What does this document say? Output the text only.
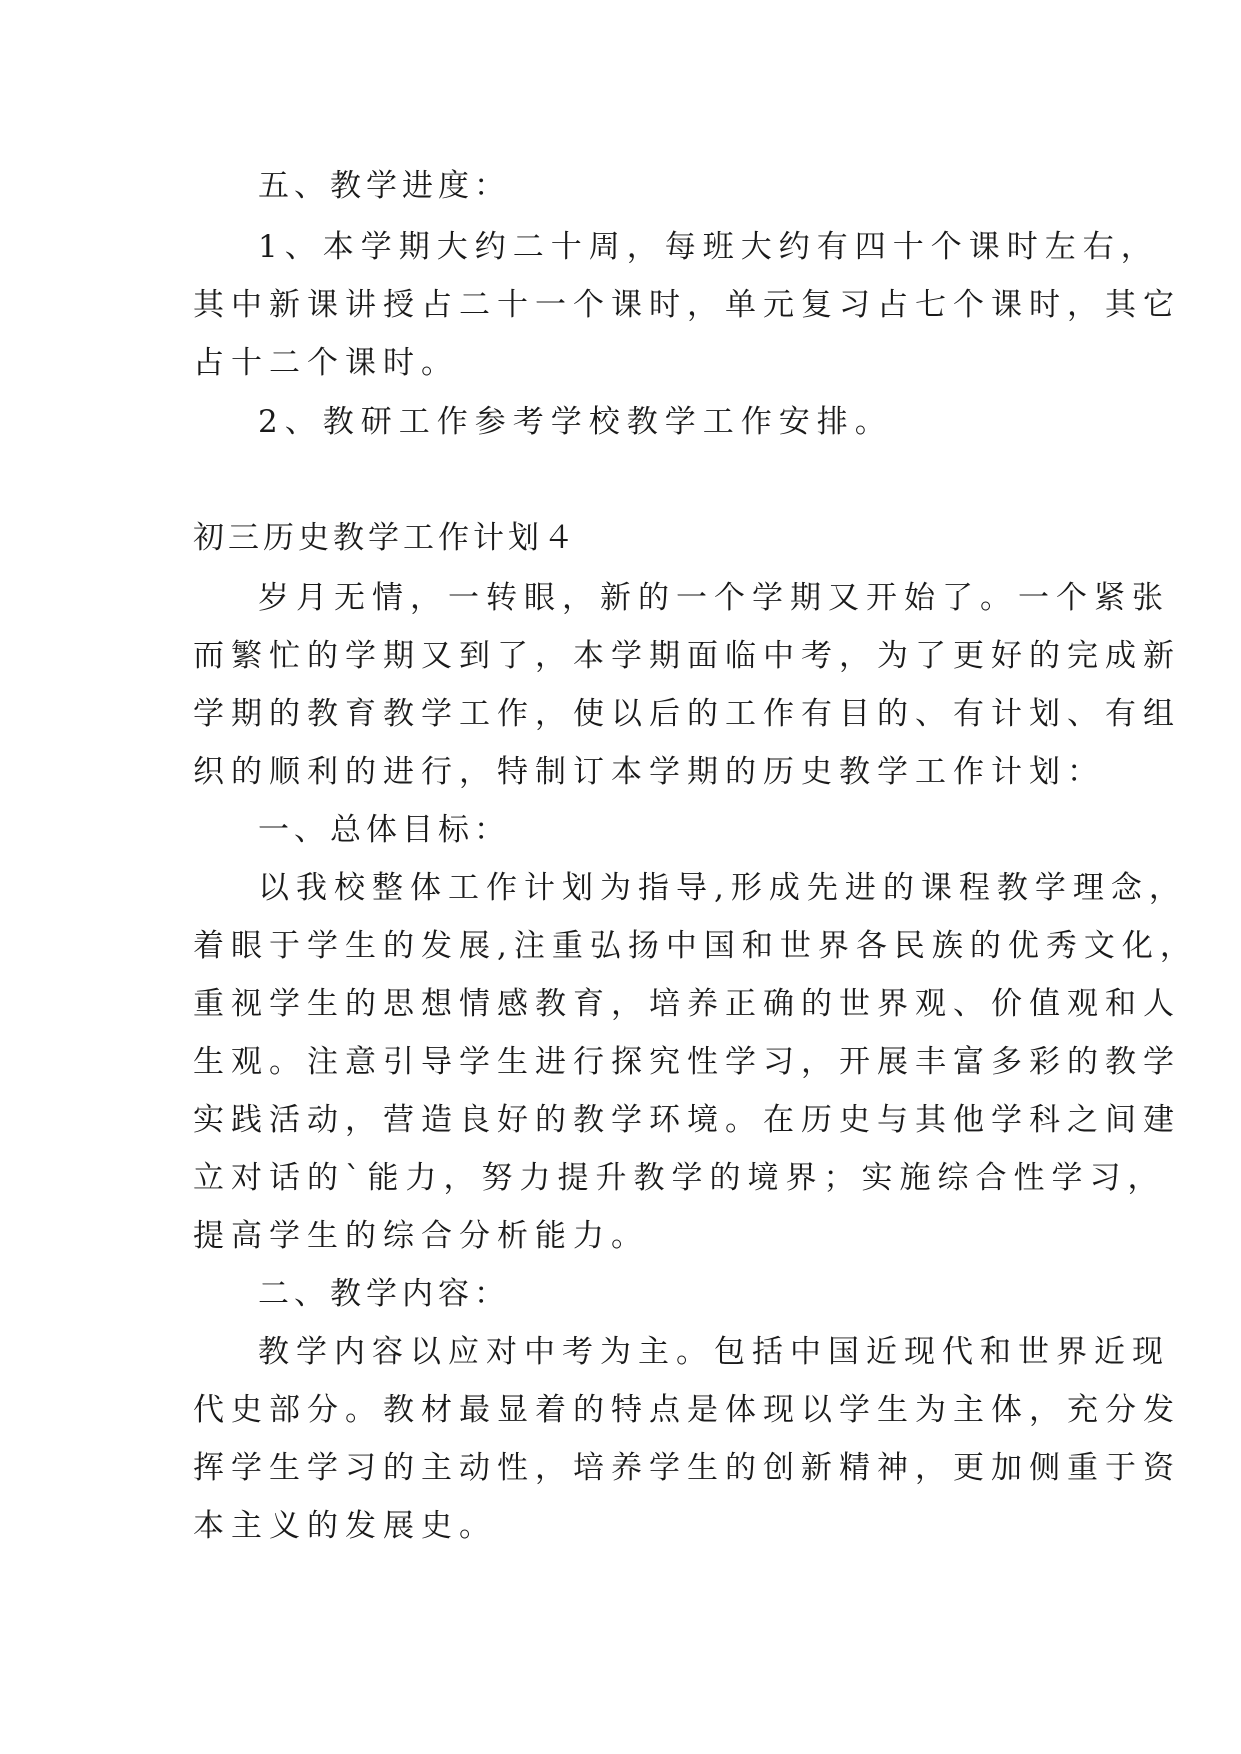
五、教学进度：
1、本学期大约二十周，每班大约有四十个课时左右，
其中新课讲授占二十一个课时，单元复习占七个课时，其它
占十二个课时。
2、教研工作参考学校教学工作安排。
初三历史教学工作计划４
岁月无情，一转眼，新的一个学期又开始了。一个紧张
而繁忙的学期又到了，本学期面临中考，为了更好的完成新
学期的教育教学工作，使以后的工作有目的、有计划、有组
织的顺利的进行，特制订本学期的历史教学工作计划：
一、总体目标：
以我校整体工作计划为指导,形成先进的课程教学理念，
着眼于学生的发展,注重弘扬中国和世界各民族的优秀文化，
重视学生的思想情感教育，培养正确的世界观、价值观和人
生观。注意引导学生进行探究性学习，开展丰富多彩的教学
实践活动，营造良好的教学环境。在历史与其他学科之间建
立对话的`能力，努力提升教学的境界；实施综合性学习，
提高学生的综合分析能力。
二、教学内容：
教学内容以应对中考为主。包括中国近现代和世界近现
代史部分。教材最显着的特点是体现以学生为主体，充分发
挥学生学习的主动性，培养学生的创新精神，更加侧重于资
本主义的发展史。
